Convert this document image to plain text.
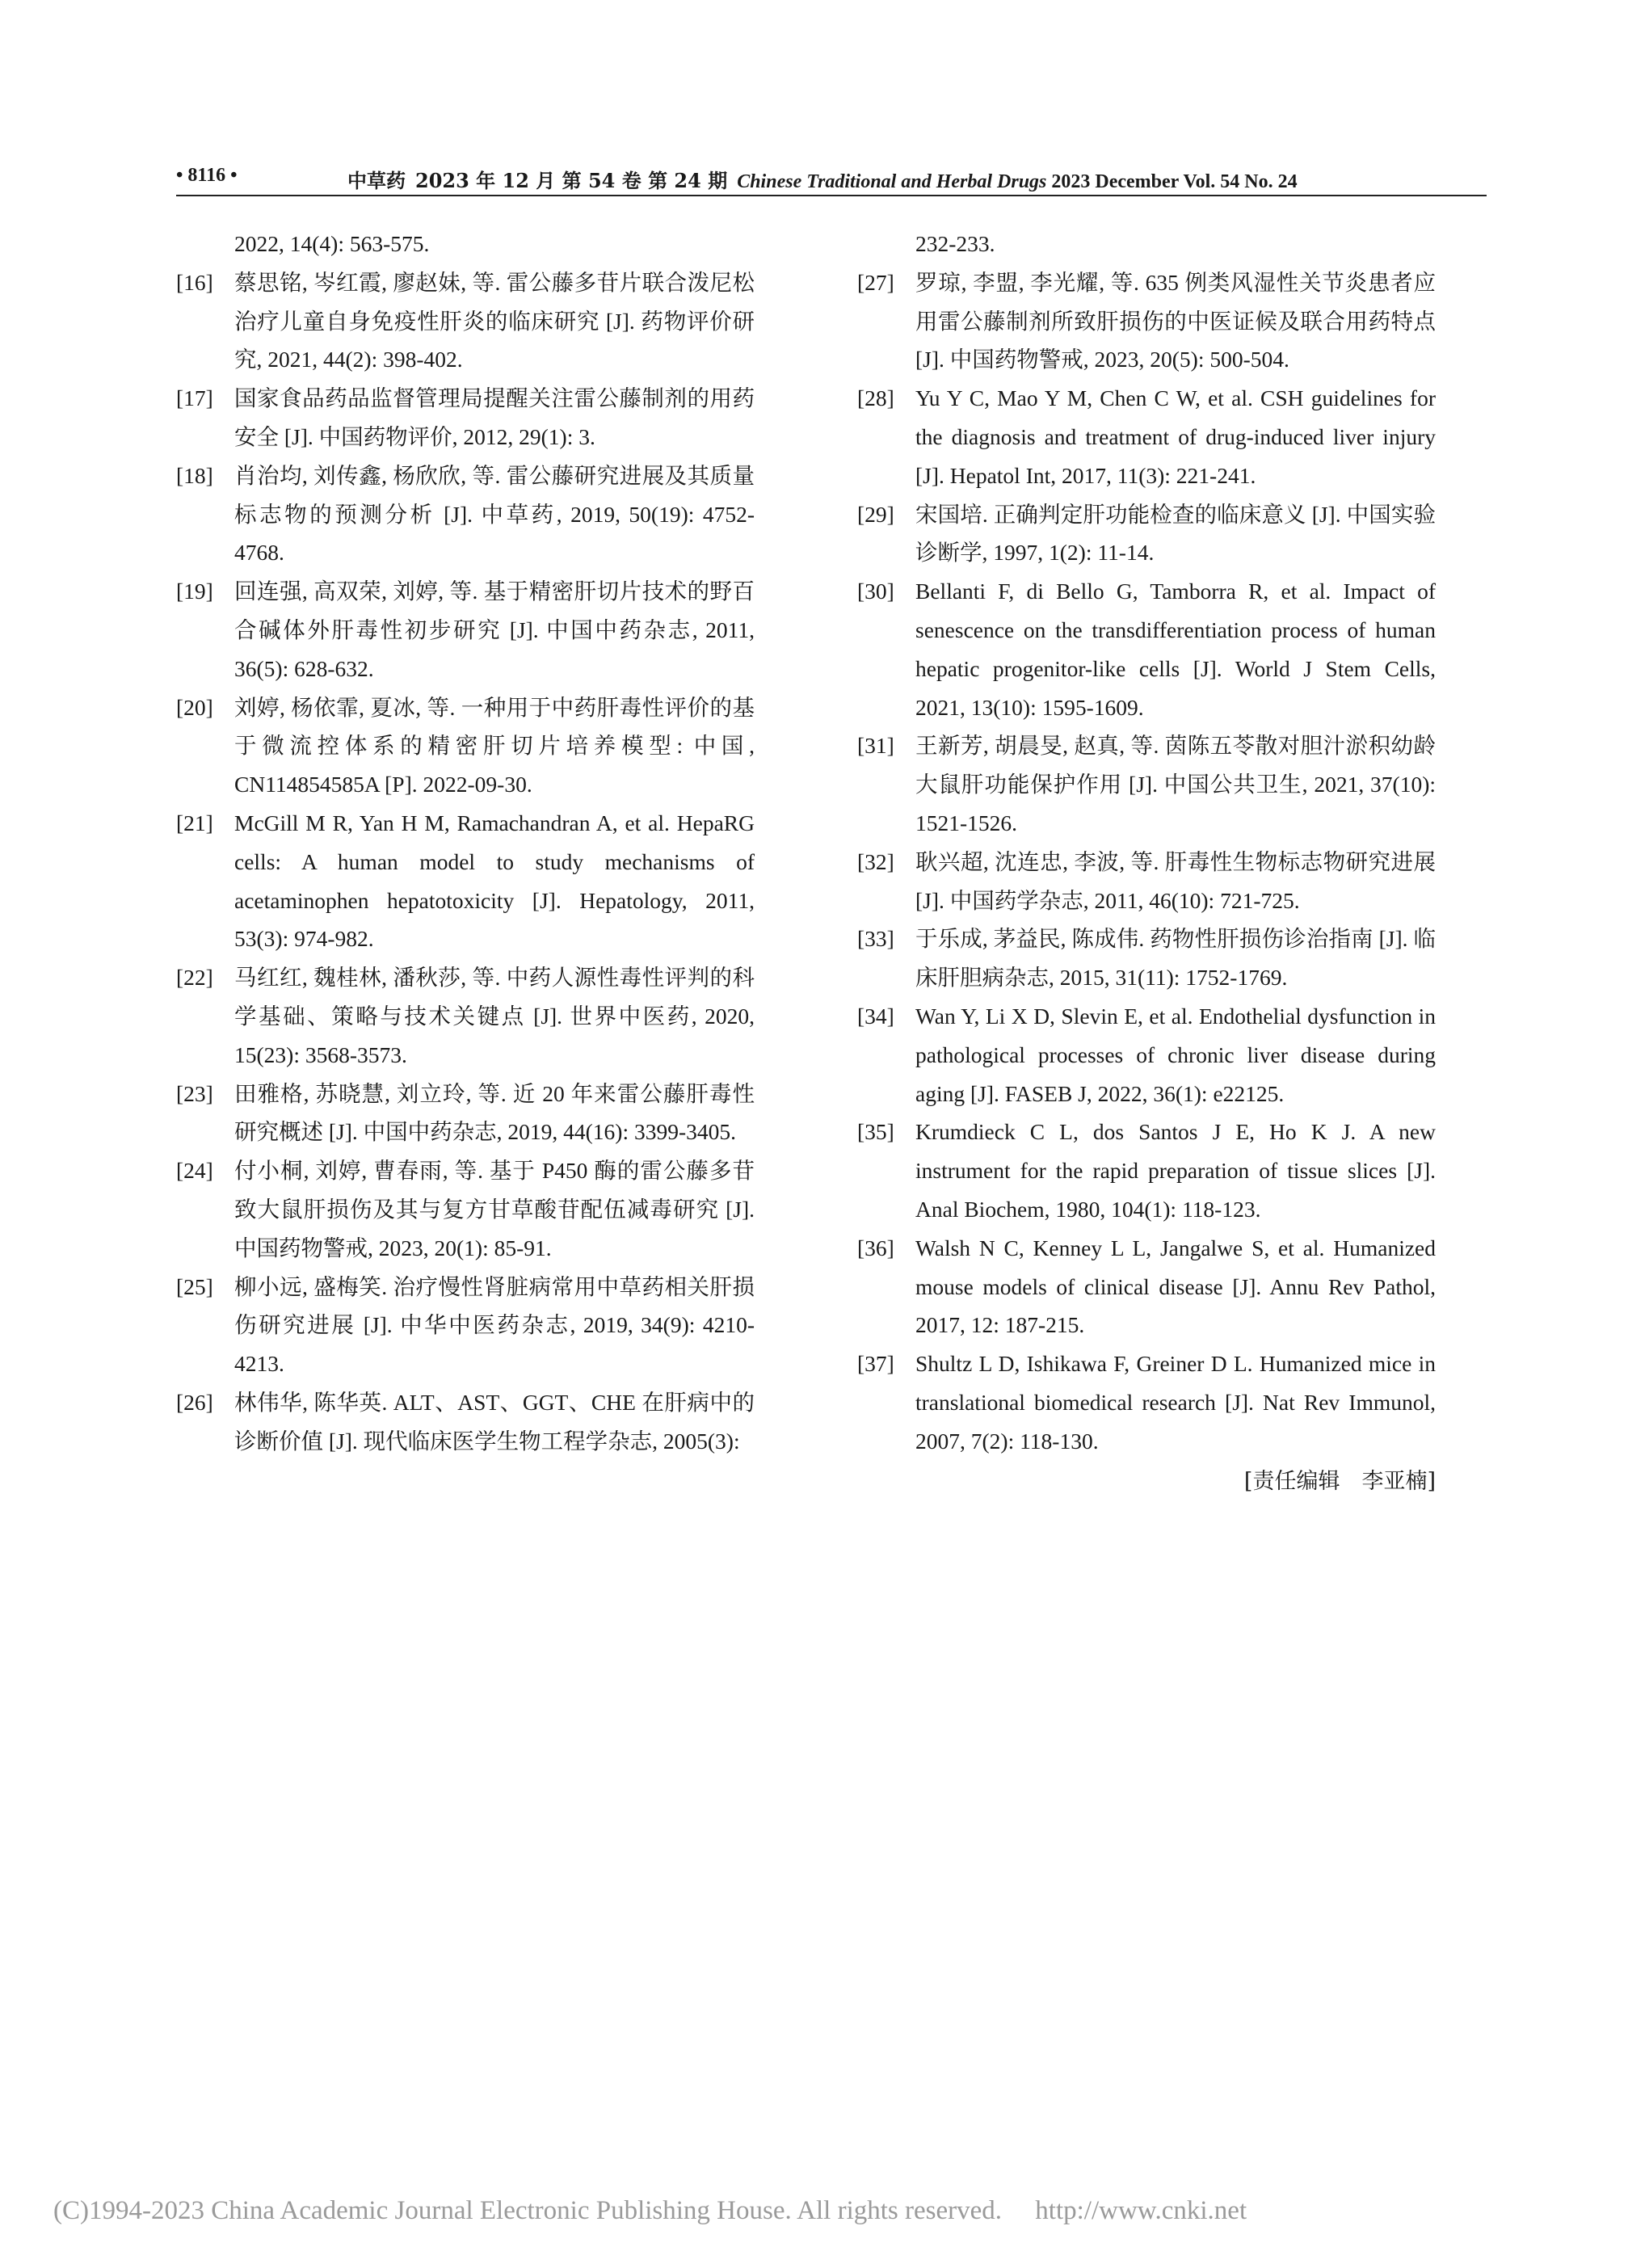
• 8116 •	中草药 2023 年 12 月 第 54 卷 第 24 期 Chinese Traditional and Herbal Drugs 2023 December Vol. 54 No. 24
2022, 14(4): 563-575.
[16] 蔡思铭, 岑红霞, 廖赵妹, 等. 雷公藤多苷片联合泼尼松治疗儿童自身免疫性肝炎的临床研究 [J]. 药物评价研究, 2021, 44(2): 398-402.
[17] 国家食品药品监督管理局提醒关注雷公藤制剂的用药安全 [J]. 中国药物评价, 2012, 29(1): 3.
[18] 肖治均, 刘传鑫, 杨欣欣, 等. 雷公藤研究进展及其质量标志物的预测分析 [J]. 中草药, 2019, 50(19): 4752-4768.
[19] 回连强, 高双荣, 刘婷, 等. 基于精密肝切片技术的野百合碱体外肝毒性初步研究 [J]. 中国中药杂志, 2011, 36(5): 628-632.
[20] 刘婷, 杨依霏, 夏冰, 等. 一种用于中药肝毒性评价的基于微流控体系的精密肝切片培养模型: 中国, CN114854585A [P]. 2022-09-30.
[21] McGill M R, Yan H M, Ramachandran A, et al. HepaRG cells: A human model to study mechanisms of acetaminophen hepatotoxicity [J]. Hepatology, 2011, 53(3): 974-982.
[22] 马红红, 魏桂林, 潘秋莎, 等. 中药人源性毒性评判的科学基础、策略与技术关键点 [J]. 世界中医药, 2020, 15(23): 3568-3573.
[23] 田雅格, 苏晓慧, 刘立玲, 等. 近 20 年来雷公藤肝毒性研究概述 [J]. 中国中药杂志, 2019, 44(16): 3399-3405.
[24] 付小桐, 刘婷, 曹春雨, 等. 基于 P450 酶的雷公藤多苷致大鼠肝损伤及其与复方甘草酸苷配伍减毒研究 [J]. 中国药物警戒, 2023, 20(1): 85-91.
[25] 柳小远, 盛梅笑. 治疗慢性肾脏病常用中草药相关肝损伤研究进展 [J]. 中华中医药杂志, 2019, 34(9): 4210-4213.
[26] 林伟华, 陈华英. ALT、AST、GGT、CHE 在肝病中的诊断价值 [J]. 现代临床医学生物工程学杂志, 2005(3):
232-233.
[27] 罗琼, 李盟, 李光耀, 等. 635 例类风湿性关节炎患者应用雷公藤制剂所致肝损伤的中医证候及联合用药特点 [J]. 中国药物警戒, 2023, 20(5): 500-504.
[28] Yu Y C, Mao Y M, Chen C W, et al. CSH guidelines for the diagnosis and treatment of drug-induced liver injury [J]. Hepatol Int, 2017, 11(3): 221-241.
[29] 宋国培. 正确判定肝功能检查的临床意义 [J]. 中国实验诊断学, 1997, 1(2): 11-14.
[30] Bellanti F, di Bello G, Tamborra R, et al. Impact of senescence on the transdifferentiation process of human hepatic progenitor-like cells [J]. World J Stem Cells, 2021, 13(10): 1595-1609.
[31] 王新芳, 胡晨旻, 赵真, 等. 茵陈五苓散对胆汁淤积幼龄大鼠肝功能保护作用 [J]. 中国公共卫生, 2021, 37(10): 1521-1526.
[32] 耿兴超, 沈连忠, 李波, 等. 肝毒性生物标志物研究进展 [J]. 中国药学杂志, 2011, 46(10): 721-725.
[33] 于乐成, 茅益民, 陈成伟. 药物性肝损伤诊治指南 [J]. 临床肝胆病杂志, 2015, 31(11): 1752-1769.
[34] Wan Y, Li X D, Slevin E, et al. Endothelial dysfunction in pathological processes of chronic liver disease during aging [J]. FASEB J, 2022, 36(1): e22125.
[35] Krumdieck C L, dos Santos J E, Ho K J. A new instrument for the rapid preparation of tissue slices [J]. Anal Biochem, 1980, 104(1): 118-123.
[36] Walsh N C, Kenney L L, Jangalwe S, et al. Humanized mouse models of clinical disease [J]. Annu Rev Pathol, 2017, 12: 187-215.
[37] Shultz L D, Ishikawa F, Greiner D L. Humanized mice in translational biomedical research [J]. Nat Rev Immunol, 2007, 7(2): 118-130.
[责任编辑　李亚楠]
(C)1994-2023 China Academic Journal Electronic Publishing House. All rights reserved. http://www.cnki.net
